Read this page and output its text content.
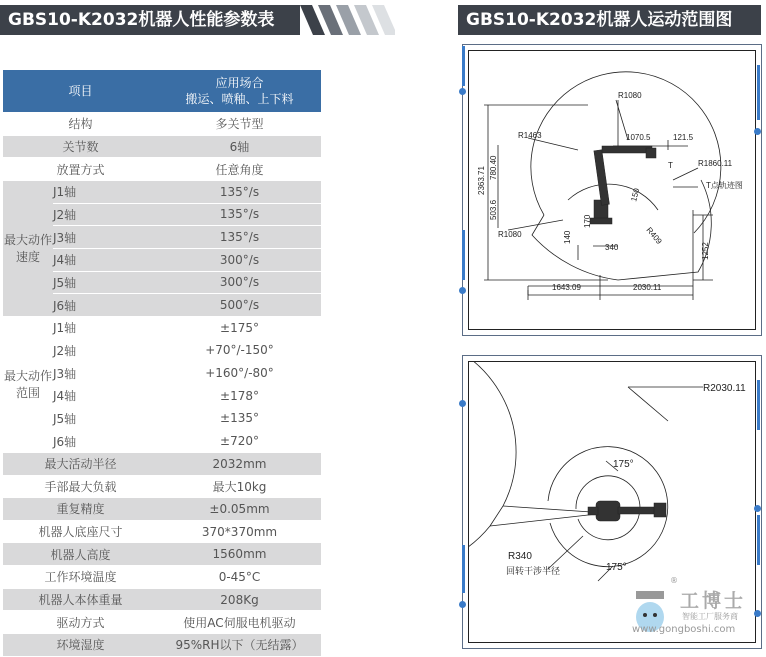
GBS10-K2032机器人性能参数表
项目		应用场合
搬运、喷釉、上下料

结构		多关节型
关节数		6轴
放置方式		任意角度

最大动作
速度	J1轴	135°/s
	J2轴	135°/s
	J3轴	135°/s
	J4轴	300°/s
	J5轴	300°/s
	J6轴	500°/s

最大动作
范围	J1轴	±175°
	J2轴	+70°/-150°
	J3轴	+160°/-80°
	J4轴	±178°
	J5轴	±135°
	J6轴	±720°
最大活动半径		2032mm
手部最大负载		最大10kg
重复精度		±0.05mm
机器人底座尺寸		370*370mm
机器人高度		1560mm
工作环境温度		0-45°C
机器人本体重量		208Kg
驱动方式		使用AC伺服电机驱动
环境湿度		95%RH以下（无结露）
GBS10-K2032机器人运动范围图
R1080
R1463	1070.5	121.5
R1860.11
T
T点轨迹图
2363.71 780.40
503.6
R1080	R409
150
170
140
340	1252
1643.09	2030.11
R2030.11
175°
175°
R340
回转干涉半径
®
工博士
智能工厂服务商
www.gongboshi.com
